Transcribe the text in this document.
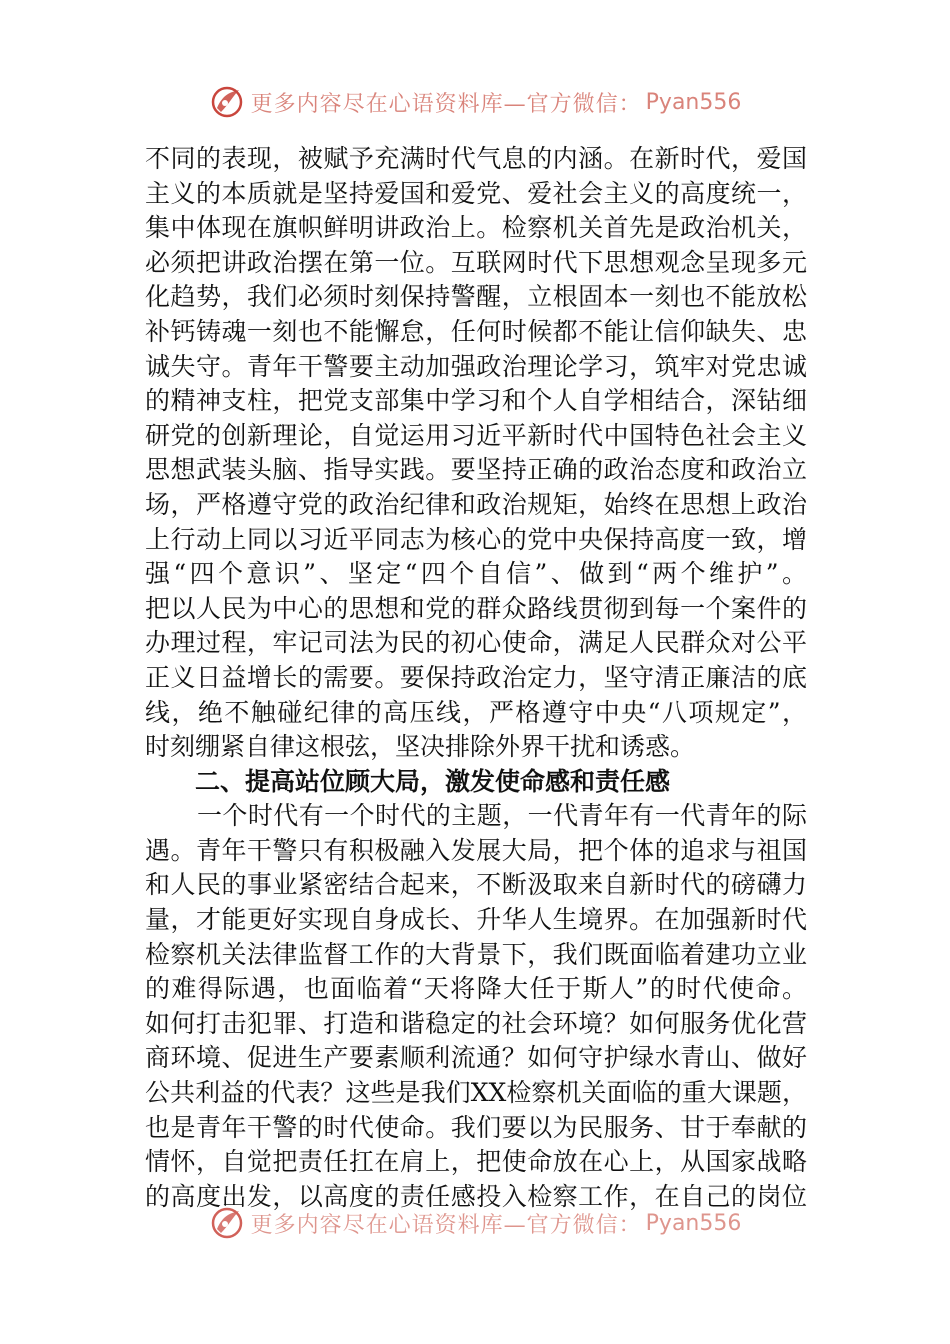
更多内容尽在心语资料库—官方微信： Pyan556
不同的表现，被赋予充满时代气息的内涵。在新时代，爱国
主义的本质就是坚持爱国和爱党、爱社会主义的高度统一，
集中体现在旗帜鲜明讲政治上。检察机关首先是政治机关，
必须把讲政治摆在第一位。互联网时代下思想观念呈现多元
化趋势，我们必须时刻保持警醒，立根固本一刻也不能放松
补钙铸魂一刻也不能懈怠，任何时候都不能让信仰缺失、忠
诚失守。青年干警要主动加强政治理论学习，筑牢对党忠诚
的精神支柱，把党支部集中学习和个人自学相结合，深钻细
研党的创新理论，自觉运用习近平新时代中国特色社会主义
思想武装头脑、指导实践。要坚持正确的政治态度和政治立
场，严格遵守党的政治纪律和政治规矩，始终在思想上政治
上行动上同以习近平同志为核心的党中央保持高度一致，增
强“四个意识”、坚定“四个自信”、做到“两个维护”。
把以人民为中心的思想和党的群众路线贯彻到每一个案件的
办理过程，牢记司法为民的初心使命，满足人民群众对公平
正义日益增长的需要。要保持政治定力，坚守清正廉洁的底
线，绝不触碰纪律的高压线，严格遵守中央“八项规定”，
时刻绷紧自律这根弦，坚决排除外界干扰和诱惑。
二、提高站位顾大局，激发使命感和责任感
一个时代有一个时代的主题，一代青年有一代青年的际
遇。青年干警只有积极融入发展大局，把个体的追求与祖国
和人民的事业紧密结合起来，不断汲取来自新时代的磅礴力
量，才能更好实现自身成长、升华人生境界。在加强新时代
检察机关法律监督工作的大背景下，我们既面临着建功立业
的难得际遇，也面临着“天将降大任于斯人”的时代使命。
如何打击犯罪、打造和谐稳定的社会环境？如何服务优化营
商环境、促进生产要素顺利流通？如何守护绿水青山、做好
公共利益的代表？这些是我们XX检察机关面临的重大课题，
也是青年干警的时代使命。我们要以为民服务、甘于奉献的
情怀，自觉把责任扛在肩上，把使命放在心上，从国家战略
的高度出发，以高度的责任感投入检察工作，在自己的岗位
更多内容尽在心语资料库—官方微信： Pyan556
